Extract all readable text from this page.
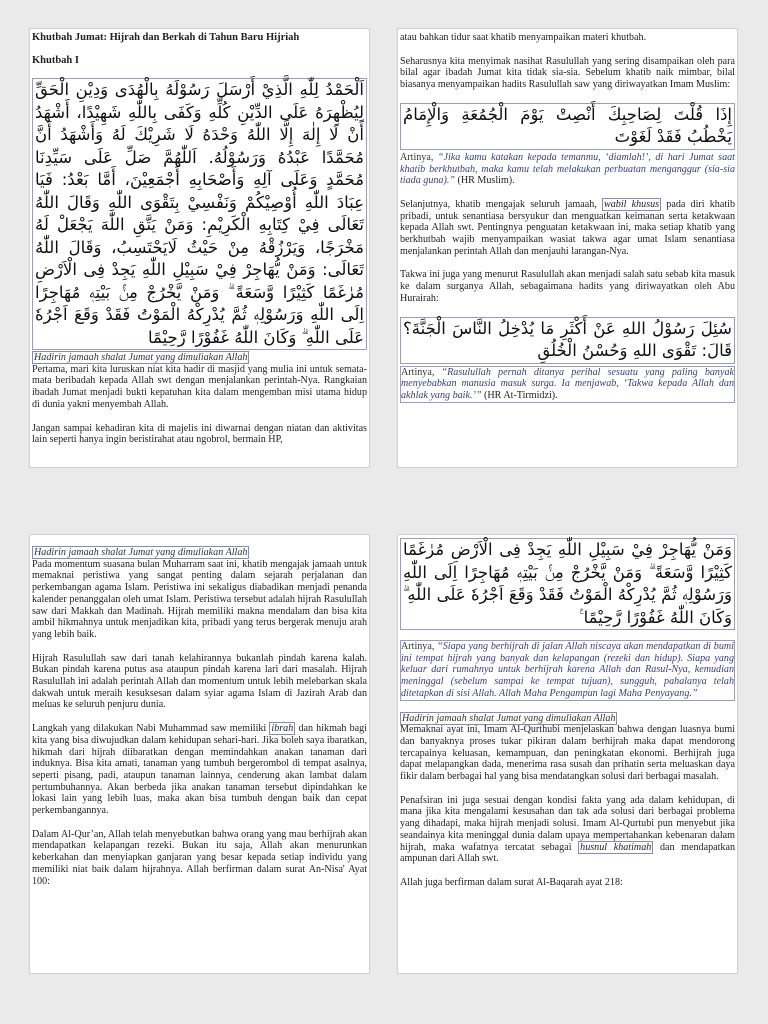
Khutbah Jumat: Hijrah dan Berkah di Tahun Baru Hijriah

Khutbah I

اَلْحَمْدُ لِلّٰهِ الَّذِيْ أَرْسَلَ رَسُوْلَهُ بِالْهُدَى وَدِيْنِ الْحَقِّ لِيُظْهِرَهُ عَلَى الدِّيْنِ كُلِّهِ وَكَفَى بِاللّٰهِ شَهِيْدًا، أَشْهَدُ أَنْ لَا إِلٰهَ إِلَّا اللّٰهُ وَحْدَهُ لَا شَرِيْكَ لَهُ وَأَشْهَدُ أَنَّ مُحَمَّدًا عَبْدُهُ وَرَسُوْلُهُ. اَللّٰهُمَّ صَلِّ عَلَى سَيِّدِنَا مُحَمَّدٍ وَعَلَى آلِهِ وَأَصْحَابِهِ أَجْمَعِيْنَ، أَمَّا بَعْدُ: فَيَا عِبَادَ اللّٰهِ أُوْصِيْكُمْ وَنَفْسِيْ بِتَقْوَى اللّٰهِ وَقَالَ اللّٰهُ تَعَالَى فِيْ كِتَابِهِ الْكَرِيْمِ: وَمَنْ يَتَّقِ اللّٰهَ يَجْعَلْ لَهُ مَخْرَجًا، وَيَرْزُقْهُ مِنْ حَيْثُ لَايَحْتَسِبُ، وَقَالَ اللّٰهُ تَعَالَى: وَمَنْ يُّهَاجِرْ فِيْ سَبِيْلِ اللّٰهِ يَجِدْ فِى الْاَرْضِ مُرٰغَمًا كَثِيْرًا وَّسَعَةً ۗ وَمَنْ يَّخْرُجْ مِنْۢ بَيْتِهٖ مُهَاجِرًا اِلَى اللّٰهِ وَرَسُوْلِهٖ ثُمَّ يُدْرِكْهُ الْمَوْتُ فَقَدْ وَقَعَ اَجْرُهٗ عَلَى اللّٰهِ ۗ وَكَانَ اللّٰهُ غَفُوْرًا رَّحِيْمًا
Hadirin jamaah shalat Jumat yang dimuliakan Allah

Pertama, mari kita luruskan niat kita hadir di masjid yang mulia ini untuk semata-mata beribadah kepada Allah swt dengan menjalankan perintah-Nya. Rangkaian ibadah Jumat menjadi bukti kepatuhan kita dalam mengemban misi utama hidup di dunia yakni menyembah Allah.

Jangan sampai kehadiran kita di majelis ini diwarnai dengan niatan dan aktivitas lain seperti hanya ingin beristirahat atau ngobrol, bermain HP,

atau bahkan tidur saat khatib menyampaikan materi khutbah.

Seharusnya kita menyimak nasihat Rasulullah yang sering disampaikan oleh para bilal agar ibadah Jumat kita tidak sia-sia. Sebelum khatib naik mimbar, bilal biasanya menyampaikan hadits Rasulullah saw yang diriwayatkan Imam Muslim:

إِذَا قُلْتَ لِصَاحِبِكَ أَنْصِتْ يَوْمَ الْجُمُعَةِ وَالْإِمَامُ يَخْطُبُ فَقَدْ لَغَوْتَ

Artinya, “Jika kamu katakan kepada temanmu, ‘diamlah!’, di hari Jumat saat khatib berkhutbah, maka kamu telah melakukan perbuatan menganggur (sia-sia tiada guna).” (HR Muslim).

Selanjutnya, khatib mengajak seluruh jamaah, wabil khusus pada diri khatib pribadi, untuk senantiasa bersyukur dan menguatkan keimanan serta ketakwaan kepada Allah swt. Pentingnya penguatan ketakwaan ini, maka setiap khatib yang berkhutbah wajib menyampaikan wasiat takwa agar umat Islam senantiasa menjalankan perintah Allah dan menjauhi larangan-Nya.

Takwa ini juga yang menurut Rasulullah akan menjadi salah satu sebab kita masuk ke dalam surganya Allah, sebagaimana hadits yang diriwayatkan oleh Abu Hurairah:

سُئِلَ رَسُوْلُ اللهِ عَنْ أَكْثَرِ مَا يُدْخِلُ النَّاسَ الْجَنَّةَ؟ قَالَ: تَقْوَى اللهِ وَحُسْنُ الْخُلُقِ

Artinya, “Rasulullah pernah ditanya perihal sesuatu yang paling banyak menyebabkan manusia masuk surga. Ia menjawab, ‘Takwa kepada Allah dan akhlak yang baik.’” (HR At-Tirmidzi).

Hadirin jamaah shalat Jumat yang dimuliakan Allah

Pada momentum suasana bulan Muharram saat ini, khatib mengajak jamaah untuk memaknai peristiwa yang sangat penting dalam sejarah perjalanan dan perkembangan agama Islam. Peristiwa ini sekaligus diabadikan menjadi penanda kalender penanggalan oleh umat Islam. Peristiwa tersebut adalah hijrah Rasulullah saw dari Makkah dan Madinah. Hijrah memiliki makna mendalam dan bisa kita ambil hikmahnya untuk menjadikan kita, pribadi yang terus bergerak menuju arah yang lebih baik.

Hijrah Rasulullah saw dari tanah kelahirannya bukanlah pindah karena kalah. Bukan pindah karena putus asa ataupun pindah karena lari dari masalah. Hijrah Rasulullah ini adalah perintah Allah dan momentum untuk lebih melebarkan skala dakwah untuk meraih kesuksesan dalam syiar agama Islam di Jazirah Arab dan meluas ke seluruh penjuru dunia.

Langkah yang dilakukan Nabi Muhammad saw memiliki ibrah dan hikmah bagi kita yang bisa diwujudkan dalam kehidupan sehari-hari. Jika boleh saya ibaratkan, hikmah dari hijrah diibaratkan dengan memindahkan anakan tanaman dari induknya. Bisa kita amati, tanaman yang tumbuh bergerombol di tempat asalnya, seperti pisang, padi, ataupun tanaman lainnya, cenderung akan lambat dalam pertumbuhannya. Akan berbeda jika anakan tanaman tersebut dipindahkan ke lokasi lain yang lebih luas, maka akan bisa tumbuh dengan baik dan cepat perkembangannya.

Dalam Al-Qur’an, Allah telah menyebutkan bahwa orang yang mau berhijrah akan mendapatkan kelapangan rezeki. Bukan itu saja, Allah akan menurunkan keberkahan dan menyiapkan ganjaran yang besar kepada setiap individu yang memiliki niat baik dalam hijrahnya. Allah berfirman dalam surat An-Nisa' Ayat 100:

وَمَنْ يُّهَاجِرْ فِيْ سَبِيْلِ اللّٰهِ يَجِدْ فِى الْاَرْضِ مُرٰغَمًا كَثِيْرًا وَّسَعَةً ۗ وَمَنْ يَّخْرُجْ مِنْۢ بَيْتِهٖ مُهَاجِرًا اِلَى اللّٰهِ وَرَسُوْلِهٖ ثُمَّ يُدْرِكْهُ الْمَوْتُ فَقَدْ وَقَعَ اَجْرُهٗ عَلَى اللّٰهِ ۗ وَكَانَ اللّٰهُ غَفُوْرًا رَّحِيْمًا ࣖ

Artinya, “Siapa yang berhijrah di jalan Allah niscaya akan mendapatkan di bumi ini tempat hijrah yang banyak dan kelapangan (rezeki dan hidup). Siapa yang keluar dari rumahnya untuk berhijrah karena Allah dan Rasul-Nya, kemudian meninggal (sebelum sampai ke tempat tujuan), sungguh, pahalanya telah ditetapkan di sisi Allah. Allah Maha Pengampun lagi Maha Penyayang.”

Hadirin jamaah shalat Jumat yang dimuliakan Allah

Memaknai ayat ini, Imam Al-Qurthubi menjelaskan bahwa dengan luasnya bumi dan banyaknya proses tukar pikiran dalam berhijrah maka dapat mendorong tercapainya keluasan, kemampuan, dan peningkatan ekonomi. Berhijrah juga dapat melapangkan dada, menerima rasa susah dan prihatin serta meluaskan daya fikir dalam berbagai hal yang bisa mendatangkan solusi dari berbagai masalah.

Penafsiran ini juga sesuai dengan kondisi fakta yang ada dalam kehidupan, di mana jika kita mengalami kesusahan dan tak ada solusi dari berbagai problema yang dihadapi, maka hijrah menjadi solusi. Imam Al-Qurtubi pun menyebut jika seandainya kita meninggal dunia dalam upaya mempertahankan kebenaran dalam hijrah, maka wafatnya tercatat sebagai husnul khatimah dan mendapatkan ampunan dari Allah swt.

Allah juga berfirman dalam surat Al-Baqarah ayat 218:
